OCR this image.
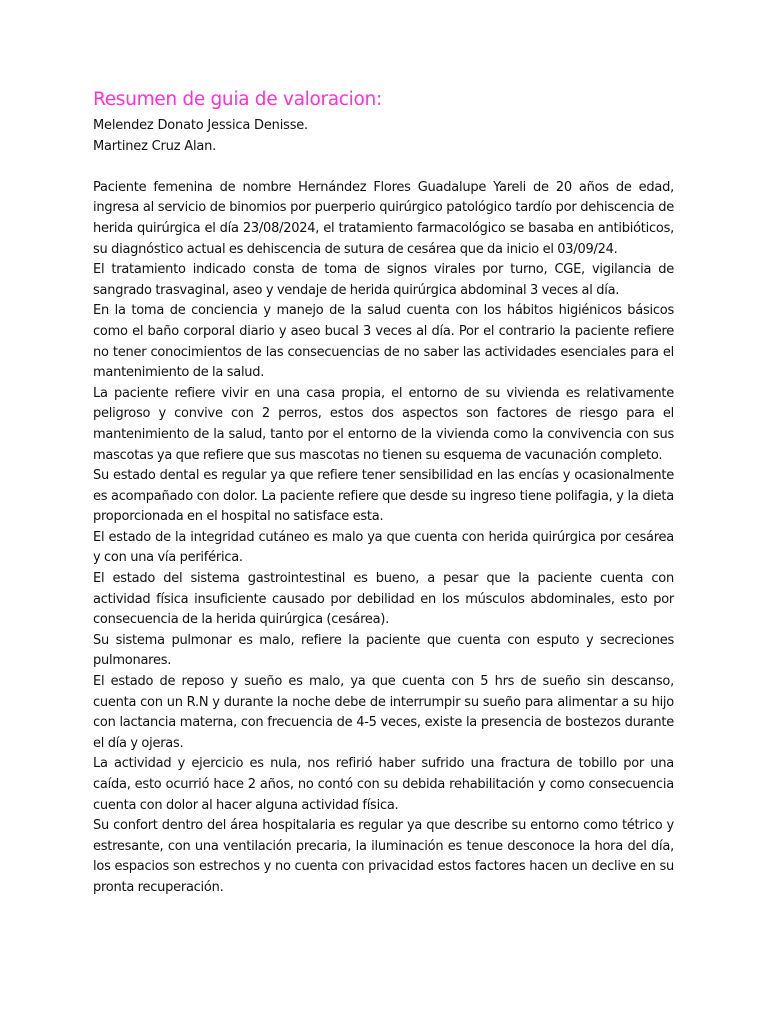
Resumen de guia de valoracion:
Melendez Donato Jessica Denisse.
Martinez Cruz Alan.

Paciente femenina de nombre Hernández Flores Guadalupe Yareli de 20 años de edad, ingresa al servicio de binomios por puerperio quirúrgico patológico tardío por dehiscencia de herida quirúrgica el día 23/08/2024, el tratamiento farmacológico se basaba en antibióticos, su diagnóstico actual es dehiscencia de sutura de cesárea que da inicio el 03/09/24.

El tratamiento indicado consta de toma de signos virales por turno, CGE, vigilancia de sangrado trasvaginal, aseo y vendaje de herida quirúrgica abdominal 3 veces al día.

En la toma de conciencia y manejo de la salud cuenta con los hábitos higiénicos básicos como el baño corporal diario y aseo bucal 3 veces al día. Por el contrario la paciente refiere no tener conocimientos de las consecuencias de no saber las actividades esenciales para el mantenimiento de la salud.

La paciente refiere vivir en una casa propia, el entorno de su vivienda es relativamente peligroso y convive con 2 perros, estos dos aspectos son factores de riesgo para el mantenimiento de la salud, tanto por el entorno de la vivienda como la convivencia con sus mascotas ya que refiere que sus mascotas no tienen su esquema de vacunación completo.

Su estado dental es regular ya que refiere tener sensibilidad en las encías y ocasionalmente es acompañado con dolor. La paciente refiere que desde su ingreso tiene polifagia, y la dieta proporcionada en el hospital no satisface esta.

El estado de la integridad cutáneo es malo ya que cuenta con herida quirúrgica por cesárea y con una vía periférica.

El estado del sistema gastrointestinal es bueno, a pesar que la paciente cuenta con actividad física insuficiente causado por debilidad en los músculos abdominales, esto por consecuencia de la herida quirúrgica (cesárea).

Su sistema pulmonar es malo, refiere la paciente que cuenta con esputo y secreciones pulmonares.

El estado de reposo y sueño es malo, ya que cuenta con 5 hrs de sueño sin descanso, cuenta con un R.N y durante la noche debe de interrumpir su sueño para alimentar a su hijo con lactancia materna, con frecuencia de 4-5 veces, existe la presencia de bostezos durante el día y ojeras.

La actividad y ejercicio es nula, nos refirió haber sufrido una fractura de tobillo por una caída, esto ocurrió hace 2 años, no contó con su debida rehabilitación y como consecuencia cuenta con dolor al hacer alguna actividad física.

Su confort dentro del área hospitalaria es regular ya que describe su entorno como tétrico y estresante, con una ventilación precaria, la iluminación es tenue desconoce la hora del día, los espacios son estrechos y no cuenta con privacidad estos factores hacen un declive en su pronta recuperación.
